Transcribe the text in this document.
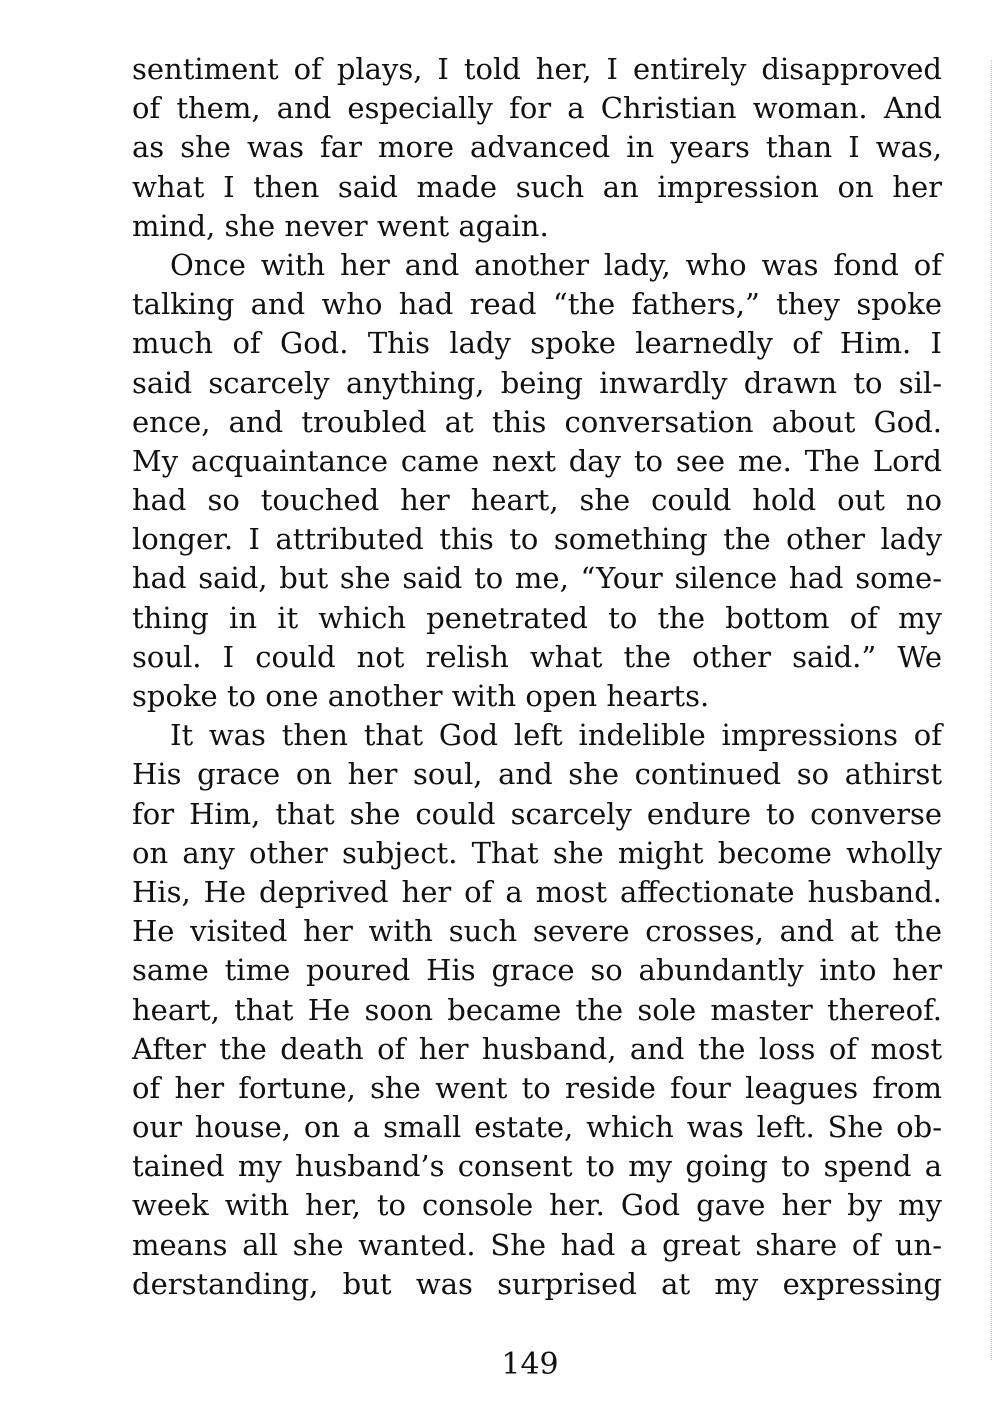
sentiment of plays, I told her, I entirely disapproved
of them, and especially for a Christian woman. And
as she was far more advanced in years than I was,
what I then said made such an impression on her
mind, she never went again.
Once with her and another lady, who was fond of
talking and who had read “the fathers,” they spoke
much of God. This lady spoke learnedly of Him. I
said scarcely anything, being inwardly drawn to sil-
ence, and troubled at this conversation about God.
My acquaintance came next day to see me. The Lord
had so touched her heart, she could hold out no
longer. I attributed this to something the other lady
had said, but she said to me, “Your silence had some-
thing in it which penetrated to the bottom of my
soul. I could not relish what the other said.” We
spoke to one another with open hearts.
It was then that God left indelible impressions of
His grace on her soul, and she continued so athirst
for Him, that she could scarcely endure to converse
on any other subject. That she might become wholly
His, He deprived her of a most affectionate husband.
He visited her with such severe crosses, and at the
same time poured His grace so abundantly into her
heart, that He soon became the sole master thereof.
After the death of her husband, and the loss of most
of her fortune, she went to reside four leagues from
our house, on a small estate, which was left. She ob-
tained my husband’s consent to my going to spend a
week with her, to console her. God gave her by my
means all she wanted. She had a great share of un-
derstanding, but was surprised at my expressing
149
